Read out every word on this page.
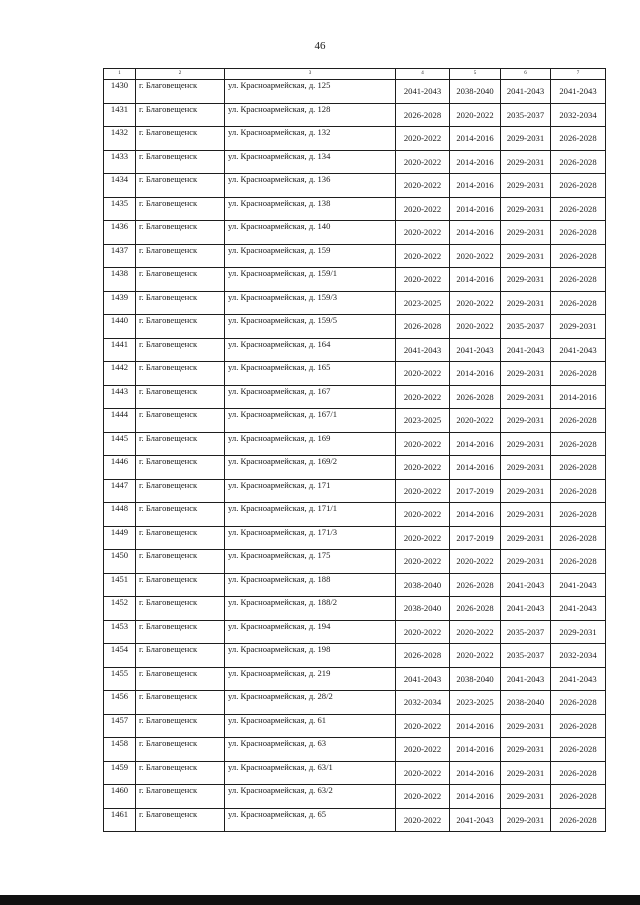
46
1	2	3	4	5	6	7
1430	г. Благовещенск	ул. Красноармейская, д. 125	2041-2043	2038-2040	2041-2043	2041-2043
1431	г. Благовещенск	ул. Красноармейская, д. 128	2026-2028	2020-2022	2035-2037	2032-2034
1432	г. Благовещенск	ул. Красноармейская, д. 132	2020-2022	2014-2016	2029-2031	2026-2028
1433	г. Благовещенск	ул. Красноармейская, д. 134	2020-2022	2014-2016	2029-2031	2026-2028
1434	г. Благовещенск	ул. Красноармейская, д. 136	2020-2022	2014-2016	2029-2031	2026-2028
1435	г. Благовещенск	ул. Красноармейская, д. 138	2020-2022	2014-2016	2029-2031	2026-2028
1436	г. Благовещенск	ул. Красноармейская, д. 140	2020-2022	2014-2016	2029-2031	2026-2028
1437	г. Благовещенск	ул. Красноармейская, д. 159	2020-2022	2020-2022	2029-2031	2026-2028
1438	г. Благовещенск	ул. Красноармейская, д. 159/1	2020-2022	2014-2016	2029-2031	2026-2028
1439	г. Благовещенск	ул. Красноармейская, д. 159/3	2023-2025	2020-2022	2029-2031	2026-2028
1440	г. Благовещенск	ул. Красноармейская, д. 159/5	2026-2028	2020-2022	2035-2037	2029-2031
1441	г. Благовещенск	ул. Красноармейская, д. 164	2041-2043	2041-2043	2041-2043	2041-2043
1442	г. Благовещенск	ул. Красноармейская, д. 165	2020-2022	2014-2016	2029-2031	2026-2028
1443	г. Благовещенск	ул. Красноармейская, д. 167	2020-2022	2026-2028	2029-2031	2014-2016
1444	г. Благовещенск	ул. Красноармейская, д. 167/1	2023-2025	2020-2022	2029-2031	2026-2028
1445	г. Благовещенск	ул. Красноармейская, д. 169	2020-2022	2014-2016	2029-2031	2026-2028
1446	г. Благовещенск	ул. Красноармейская, д. 169/2	2020-2022	2014-2016	2029-2031	2026-2028
1447	г. Благовещенск	ул. Красноармейская, д. 171	2020-2022	2017-2019	2029-2031	2026-2028
1448	г. Благовещенск	ул. Красноармейская, д. 171/1	2020-2022	2014-2016	2029-2031	2026-2028
1449	г. Благовещенск	ул. Красноармейская, д. 171/3	2020-2022	2017-2019	2029-2031	2026-2028
1450	г. Благовещенск	ул. Красноармейская, д. 175	2020-2022	2020-2022	2029-2031	2026-2028
1451	г. Благовещенск	ул. Красноармейская, д. 188	2038-2040	2026-2028	2041-2043	2041-2043
1452	г. Благовещенск	ул. Красноармейская, д. 188/2	2038-2040	2026-2028	2041-2043	2041-2043
1453	г. Благовещенск	ул. Красноармейская, д. 194	2020-2022	2020-2022	2035-2037	2029-2031
1454	г. Благовещенск	ул. Красноармейская, д. 198	2026-2028	2020-2022	2035-2037	2032-2034
1455	г. Благовещенск	ул. Красноармейская, д. 219	2041-2043	2038-2040	2041-2043	2041-2043
1456	г. Благовещенск	ул. Красноармейская, д. 28/2	2032-2034	2023-2025	2038-2040	2026-2028
1457	г. Благовещенск	ул. Красноармейская, д. 61	2020-2022	2014-2016	2029-2031	2026-2028
1458	г. Благовещенск	ул. Красноармейская, д. 63	2020-2022	2014-2016	2029-2031	2026-2028
1459	г. Благовещенск	ул. Красноармейская, д. 63/1	2020-2022	2014-2016	2029-2031	2026-2028
1460	г. Благовещенск	ул. Красноармейская, д. 63/2	2020-2022	2014-2016	2029-2031	2026-2028
1461	г. Благовещенск	ул. Красноармейская, д. 65	2020-2022	2041-2043	2029-2031	2026-2028
